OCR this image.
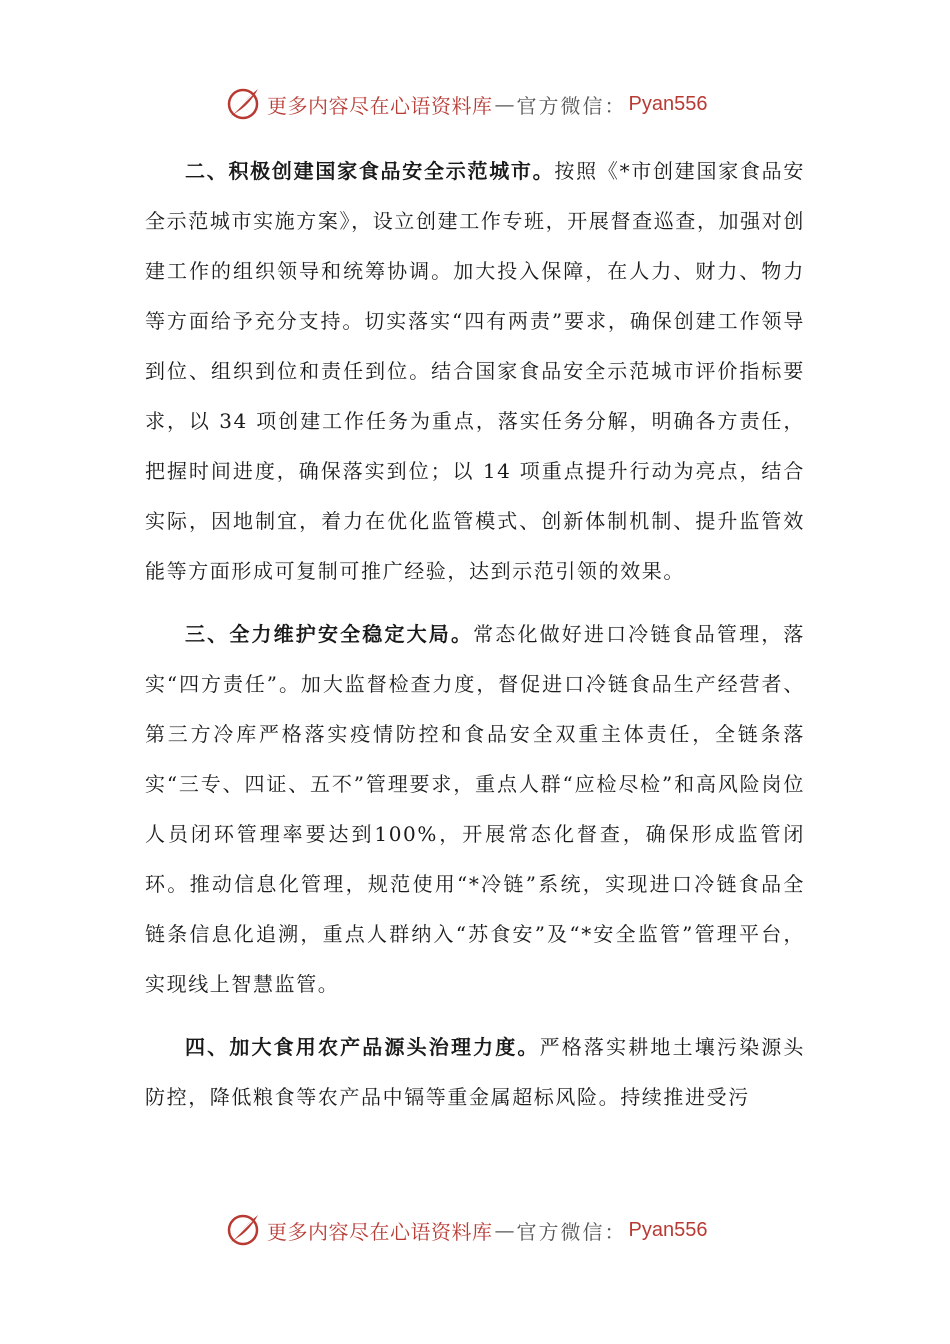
更多内容尽在心语资料库 — 官方微信： Pyan556

二、积极创建国家食品安全示范城市。按照《*市创建国家食品安全示范城市实施方案》，设立创建工作专班，开展督查巡查，加强对创建工作的组织领导和统筹协调。加大投入保障，在人力、财力、物力等方面给予充分支持。切实落实“四有两责”要求，确保创建工作领导到位、组织到位和责任到位。结合国家食品安全示范城市评价指标要求，以 34 项创建工作任务为重点，落实任务分解，明确各方责任，把握时间进度，确保落实到位；以 14 项重点提升行动为亮点，结合实际，因地制宜，着力在优化监管模式、创新体制机制、提升监管效能等方面形成可复制可推广经验，达到示范引领的效果。

三、全力维护安全稳定大局。常态化做好进口冷链食品管理，落实“四方责任”。加大监督检查力度，督促进口冷链食品生产经营者、第三方冷库严格落实疫情防控和食品安全双重主体责任，全链条落实“三专、四证、五不”管理要求，重点人群“应检尽检”和高风险岗位人员闭环管理率要达到100%，开展常态化督查，确保形成监管闭环。推动信息化管理，规范使用“*冷链”系统，实现进口冷链食品全链条信息化追溯，重点人群纳入“苏食安”及“*安全监管”管理平台，实现线上智慧监管。

四、加大食用农产品源头治理力度。严格落实耕地土壤污染源头防控，降低粮食等农产品中镉等重金属超标风险。持续推进受污

更多内容尽在心语资料库 — 官方微信： Pyan556
